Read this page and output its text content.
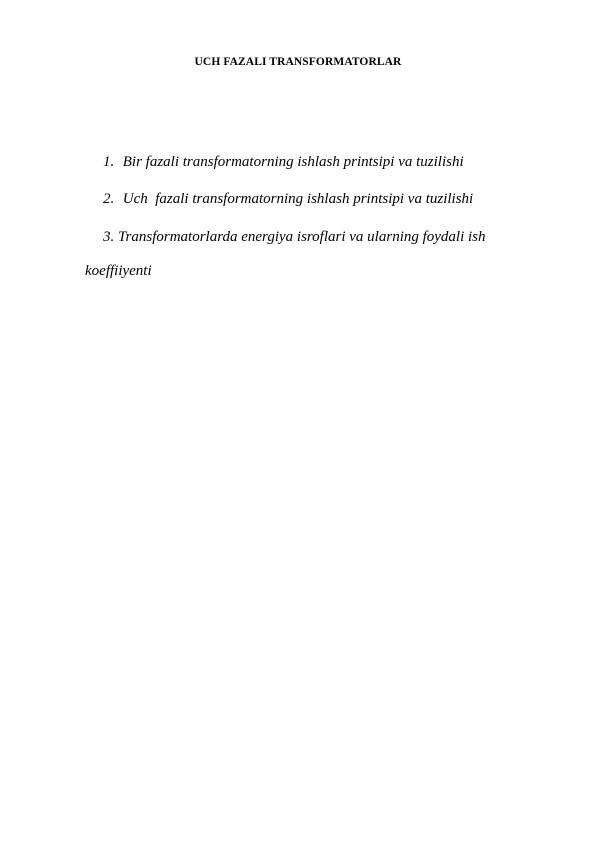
UCH FAZALI TRANSFORMATORLAR
1. Bir fazali transformatorning ishlash printsipi va tuzilishi
2. Uch  fazali transformatorning ishlash printsipi va tuzilishi
3. Transformatorlarda energiya isroflari va ularning foydali ish
koeffiiyenti
